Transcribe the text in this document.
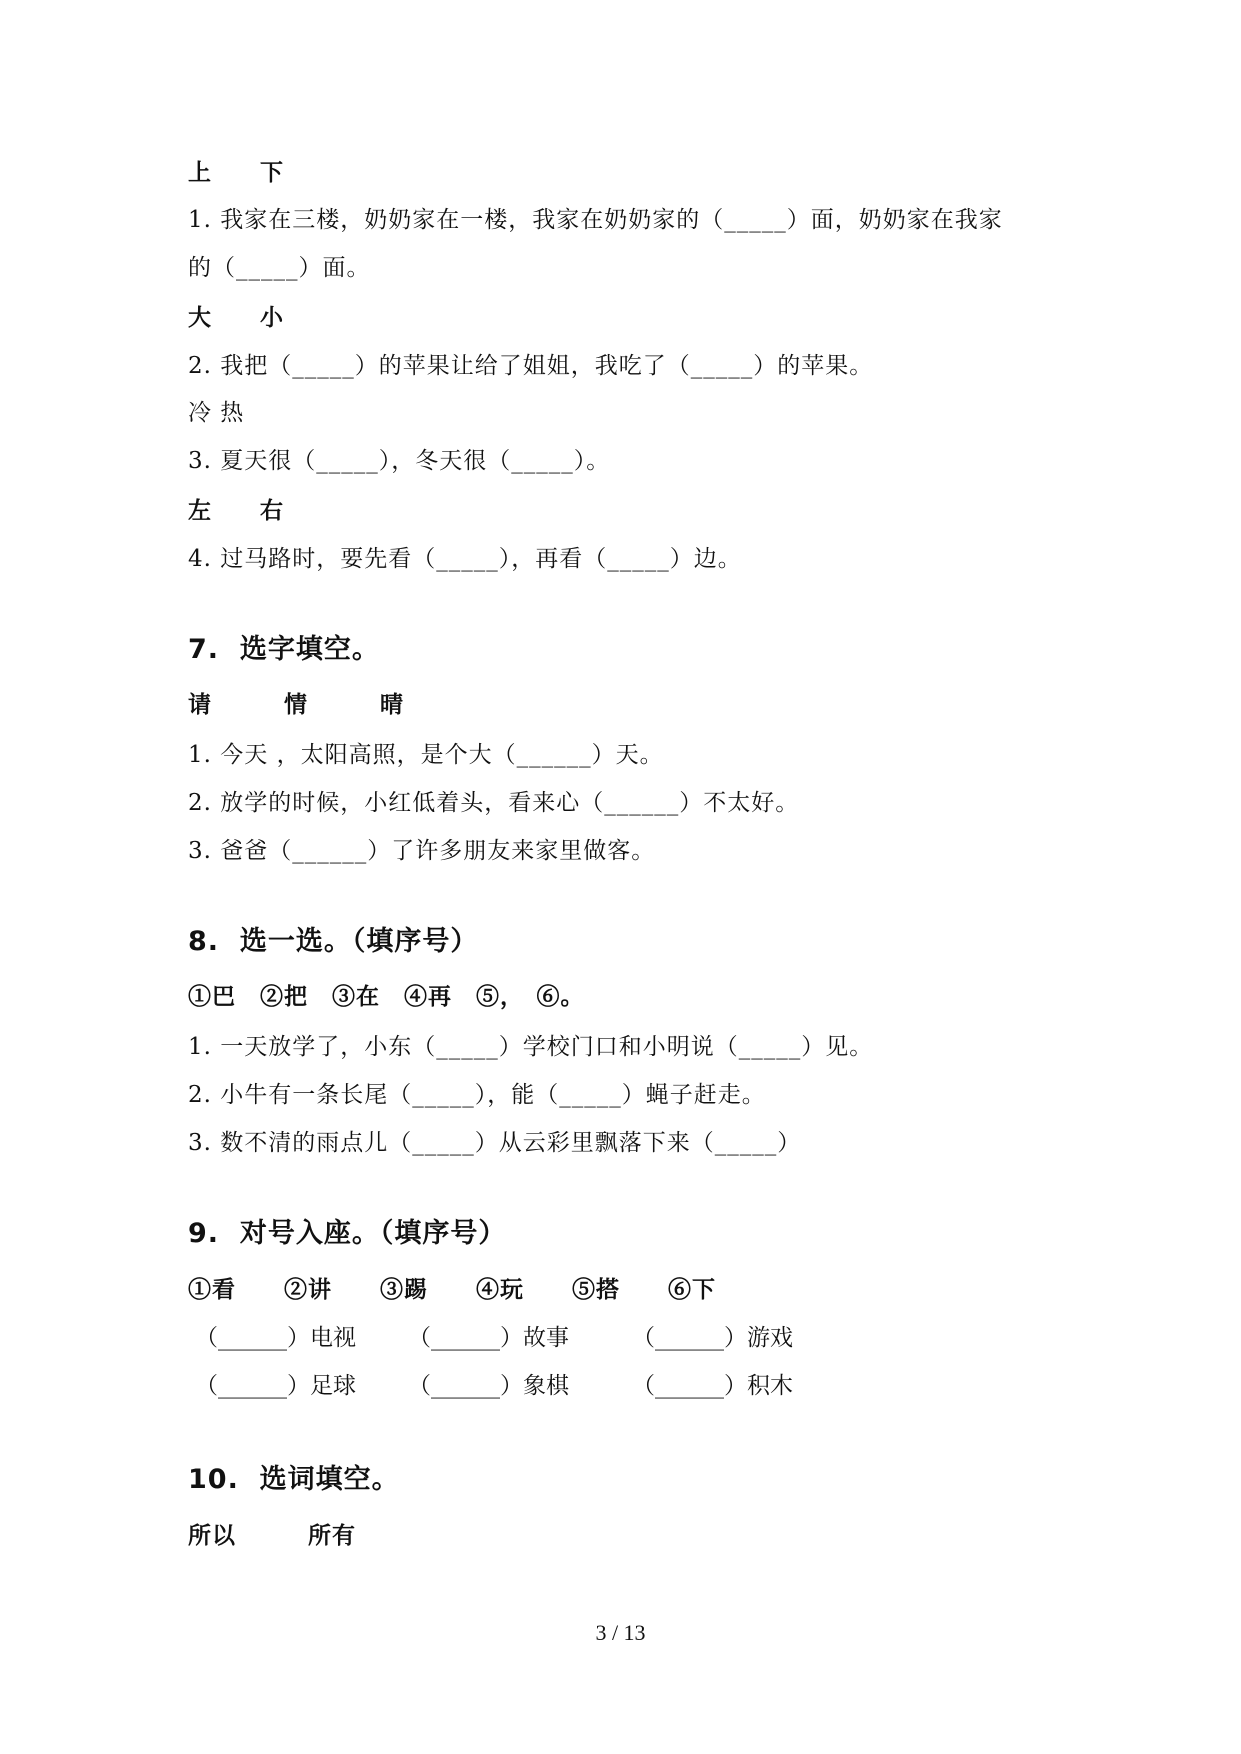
上　　下
1. 我家在三楼，奶奶家在一楼，我家在奶奶家的（_____）面，奶奶家在我家
的（_____）面。
大　　小
2. 我把（_____）的苹果让给了姐姐，我吃了（_____）的苹果。
冷 热
3. 夏天很（_____），冬天很（_____）。
左　　右
4. 过马路时，要先看（_____），再看（_____）边。
7.  选字填空。
请　　　情　　　晴
1. 今天 ，太阳高照，是个大（______）天。
2. 放学的时候，小红低着头，看来心（______）不太好。
3. 爸爸（______）了许多朋友来家里做客。
8.  选一选。（填序号）
①巴　②把　③在　④再　⑤，　⑥。
1. 一天放学了，小东（_____）学校门口和小明说（_____）见。
2. 小牛有一条长尾（_____），能（_____）蝇子赶走。
3. 数不清的雨点儿（_____）从云彩里飘落下来（_____）
9.  对号入座。（填序号）
①看　　②讲　　③踢　　④玩　　⑤搭　　⑥下
（______）电视 （______）故事	（______）游戏
（______）足球 （______）象棋	（______）积木
10.  选词填空。
所以　　　所有
3 / 13
